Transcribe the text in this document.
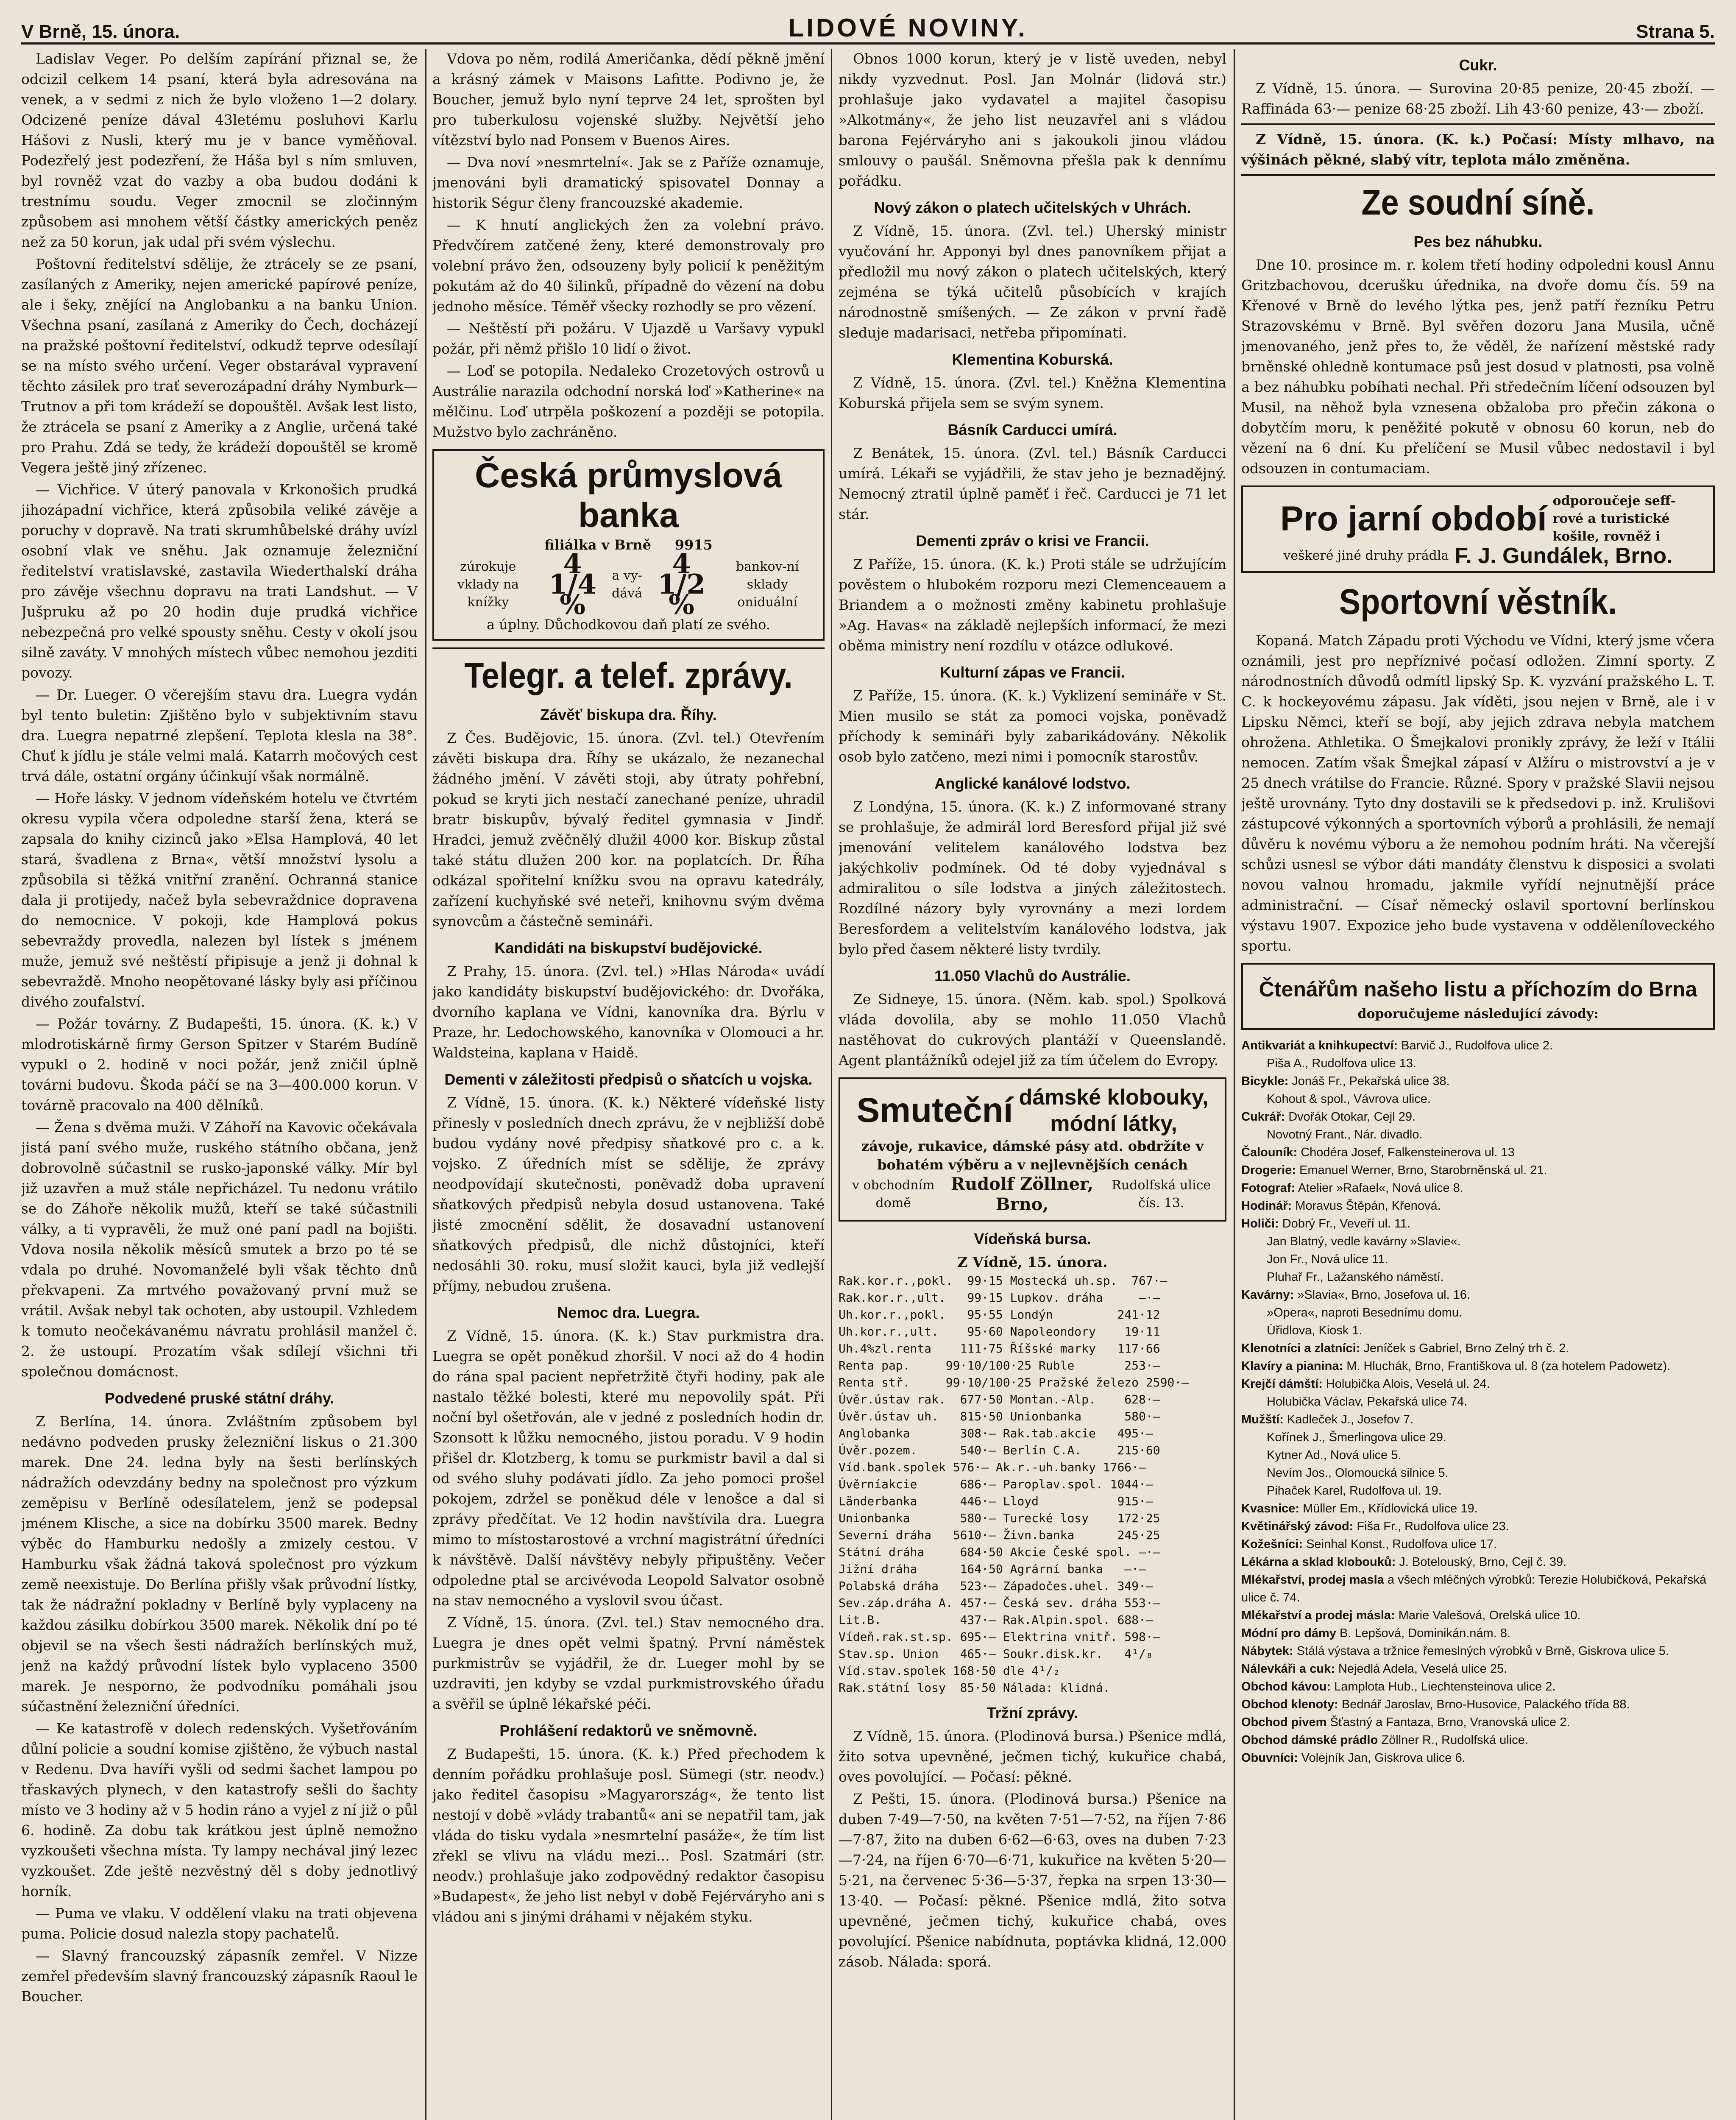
V Brně, 15. února.	LIDOVÉ NOVINY.	Strana 5.

Ladislav Veger. Po delším zapírání přiznal se, že odcizil celkem 14 psaní, která byla adresována na venek, a v sedmi z nich že bylo vloženo 1—2 dolary. Odcizené peníze dával 43letému posluhovi Karlu Hášovi z Nusli, který mu je v bance vyměňoval. Podezřelý jest podezření, že Háša byl s ním smluven, byl rovněž vzat do vazby a oba budou dodáni k trestnímu soudu. Veger zmocnil se zločinným způsobem asi mnohem větší částky amerických peněz než za 50 korun, jak udal při svém výslechu.

Poštovní ředitelství sdělije, že ztrácely se ze psaní, zasílaných z Ameriky, nejen americké papírové peníze, ale i šeky, znějící na Anglobanku a na banku Union. Všechna psaní, zasílaná z Ameriky do Čech, docházejí na pražské poštovní ředitelství, odkudž teprve odesílají se na místo svého určení. Veger obstarával vypravení těchto zásilek pro trať severozápadní dráhy Nymburk—Trutnov a při tom krádeží se dopouštěl. Avšak lest listo, že ztrácela se psaní z Ameriky a z Anglie, určená také pro Prahu. Zdá se tedy, že krádeží dopouštěl se kromě Vegera ještě jiný zřízenec.

— Vichřice. V úterý panovala v Krkonošich prudká jihozápadní vichřice, která způsobila veliké závěje a poruchy v dopravě. Na trati skrumhůbelské dráhy uvízl osobní vlak ve sněhu. Jak oznamuje železniční ředitelství vratislavské, zastavila Wiederthalskí dráha pro závěje všechnu dopravu na trati Landshut. — V Jušpruku až po 20 hodin duje prudká vichřice nebezpečná pro velké spousty sněhu. Cesty v okolí jsou silně zaváty. V mnohých místech vůbec nemohou jezditi povozy.

— Dr. Lueger. O včerejším stavu dra. Luegra vydán byl tento buletin: Zjištěno bylo v subjektivním stavu dra. Luegra nepatrné zlepšení. Teplota klesla na 38°. Chuť k jídlu je stále velmi malá. Katarrh močových cest trvá dále, ostatní orgány účinkují však normálně.

— Hoře lásky. V jednom vídeňském hotelu ve čtvrtém okresu vypila včera odpoledne starší žena, která se zapsala do knihy cizinců jako »Elsa Hamplová, 40 let stará, švadlena z Brna«, větší množství lysolu a způsobila si těžká vnitřní zranění. Ochranná stanice dala ji protijedy, načež byla sebevraždnice dopravena do nemocnice. V pokoji, kde Hamplová pokus sebevraždy provedla, nalezen byl lístek s jménem muže, jemuž své neštěstí připisuje a jenž ji dohnal k sebevraždě. Mnoho neopětované lásky byly asi příčinou divého zoufalství.

— Požár továrny. Z Budapešti, 15. února. (K. k.) V mlodrotiskárně firmy Gerson Spitzer v Starém Budíně vypukl o 2. hodině v noci požár, jenž zničil úplně továrni budovu. Škoda páčí se na 3—400.000 korun. V továrně pracovalo na 400 dělníků.

— Žena s dvěma muži. V Záhoří na Kavovic očekávala jistá paní svého muže, ruského státního občana, jenž dobrovolně súčastnil se rusko-japonské války. Mír byl již uzavřen a muž stále nepřicházel. Tu nedonu vrátilo se do Záhoře několik mužů, kteří se také súčastnili války, a ti vypravěli, že muž oné paní padl na bojišti. Vdova nosila několik měsíců smutek a brzo po té se vdala po druhé. Novomanželé byli však těchto dnů překvapeni. Za mrtvého považovaný první muž se vrátil. Avšak nebyl tak ochoten, aby ustoupil. Vzhledem k tomuto neočekávanému návratu prohlásil manžel č. 2. že ustoupí. Prozatím však sdílejí všichni tři společnou domácnost.

Podvedené pruské státní dráhy.

Z Berlína, 14. února. Zvláštním způsobem byl nedávno podveden prusky železniční liskus o 21.300 marek. Dne 24. ledna byly na šesti berlínských nádražích odevzdány bedny na společnost pro výzkum zeměpisu v Berlíně odesílatelem, jenž se podepsal jménem Klische, a sice na dobírku 3500 marek. Bedny výběc do Hamburku nedošly a zmizely cestou. V Hamburku však žádná taková společnost pro výzkum země neexistuje. Do Berlína přišly však průvodní lístky, tak že nádražní pokladny v Berlíně byly vyplaceny na každou zásilku dobírkou 3500 marek. Několik dní po té objevil se na všech šesti nádražích berlínských muž, jenž na každý průvodní lístek bylo vyplaceno 3500 marek. Je nesporno, že podvodníku pomáhali jsou súčastnění železniční úředníci.

— Ke katastrofě v dolech redenských. Vyšetřováním důlní policie a soudní komise zjištěno, že výbuch nastal v Redenu. Dva havíři vyšli od sedmi šachet lampou po třaskavých plynech, v den katastrofy sešli do šachty místo ve 3 hodiny až v 5 hodin ráno a vyjel z ní již o půl 6. hodině. Za dobu tak krátkou jest úplně nemožno vyzkoušeti všechna místa. Ty lampy nechával jiný lezec vyzkoušet. Zde ještě nezvěstný děl s doby jednotlivý horník.

— Puma ve vlaku. V oddělení vlaku na trati objevena puma. Policie dosud nalezla stopy pachatelů.

— Slavný francouzský zápasník zemřel. V Nizze zemřel především slavný francouzský zápasník Raoul le Boucher.

Vdova po něm, rodilá Američanka, dědí pěkně jmění a krásný zámek v Maisons Lafitte. Podivno je, že Boucher, jemuž bylo nyní teprve 24 let, sprošten byl pro tuberkulosu vojenské služby. Největší jeho vítězství bylo nad Ponsem v Buenos Aires.

— Dva noví »nesmrtelní«. Jak se z Paříže oznamuje, jmenováni byli dramatický spisovatel Donnay a historik Ségur členy francouzské akademie.

— K hnutí anglických žen za volební právo. Předvčírem zatčené ženy, které demonstrovaly pro volební právo žen, odsouzeny byly policií k peněžitým pokutám až do 40 šilinků, případně do vězení na dobu jednoho měsíce. Téměř všecky rozhodly se pro vězení.

— Neštěstí při požáru. V Ujazdě u Varšavy vypukl požár, při němž přišlo 10 lidí o život.

— Loď se potopila. Nedaleko Crozetových ostrovů u Austrálie narazila odchodní norská loď »Katherine« na mělčinu. Loď utrpěla poškození a později se potopila. Mužstvo bylo zachráněno.

Česká průmyslová banka
filiálka v Brně 9915
zúrokuje vklady na knížky
4 1/4 %
a vy-dává
4 1/2 %
bankov-ní sklady oniduální
a úplny. Důchodkovou daň platí ze svého.
Telegr. a telef. zprávy.
Závěť biskupa dra. Říhy.

Z Čes. Budějovic, 15. února. (Zvl. tel.) Otevřením závěti biskupa dra. Říhy se ukázalo, že nezanechal žádného jmění. V závěti stoji, aby útraty pohřební, pokud se kryti jich nestačí zanechané peníze, uhradil bratr biskupův, bývalý ředitel gymnasia v Jindř. Hradci, jemuž zvěčnělý dlužil 4000 kor. Biskup zůstal také státu dlužen 200 kor. na poplatcích. Dr. Říha odkázal spořitelní knížku svou na opravu katedrály, zařízení kuchyňské své neteři, knihovnu svým dvěma synovcům a částečně semináři.

Kandidáti na biskupství budějovické.

Z Prahy, 15. února. (Zvl. tel.) »Hlas Národa« uvádí jako kandidáty biskupství budějovického: dr. Dvořáka, dvorního kaplana ve Vídni, kanovníka dra. Býrlu v Praze, hr. Ledochowského, kanovníka v Olomouci a hr. Waldsteina, kaplana v Haidě.

Dementi v záležitosti předpisů o sňatcích u vojska.

Z Vídně, 15. února. (K. k.) Některé vídeňské listy přinesly v posledních dnech zprávu, že v nejbližší době budou vydány nové předpisy sňatkové pro c. a k. vojsko. Z úředních míst se sdělije, že zprávy neodpovídají skutečnosti, poněvadž doba upravení sňatkových předpisů nebyla dosud ustanovena. Také jisté zmocnění sdělit, že dosavadní ustanovení sňatkových předpisů, dle nichž důstojníci, kteří nedosáhli 30. roku, musí složit kauci, byla již vedlejší příjmy, nebudou zrušena.

Nemoc dra. Luegra.

Z Vídně, 15. února. (K. k.) Stav purkmistra dra. Luegra se opět poněkud zhoršil. V noci až do 4 hodin do rána spal pacient nepřetržitě čtyři hodiny, pak ale nastalo těžké bolesti, které mu nepovolily spát. Při noční byl ošetřován, ale v jedné z posledních hodin dr. Szonsott k lůžku nemocného, jistou poradu. V 9 hodin přišel dr. Klotzberg, k tomu se purkmistr bavil a dal si od svého sluhy podávati jídlo. Za jeho pomoci prošel pokojem, zdržel se poněkud déle v lenošce a dal si zprávy předčítat. Ve 12 hodin navštívila dra. Luegra mimo to místostarostové a vrchní magistrátní úředníci k návštěvě. Další návštěvy nebyly připuštěny. Večer odpoledne ptal se arcivévoda Leopold Salvator osobně na stav nemocného a vyslovil svou účast.

Z Vídně, 15. února. (Zvl. tel.) Stav nemocného dra. Luegra je dnes opět velmi špatný. První náměstek purkmistrův se vyjádřil, že dr. Lueger mohl by se uzdraviti, jen kdyby se vzdal purkmistrovského úřadu a svěřil se úplně lékařské péči.

Prohlášení redaktorů ve sněmovně.

Z Budapešti, 15. února. (K. k.) Před přechodem k denním pořádku prohlašuje posl. Sümegi (str. neodv.) jako ředitel časopisu »Magyarország«, že tento list nestojí v době »vlády trabantů« ani se nepatřil tam, jak vláda do tisku vydala »nesmrtelní pasáže«, že tím list zřekl se vlivu na vládu mezi... Posl. Szatmári (str. neodv.) prohlašuje jako zodpovědný redaktor časopisu »Budapest«, že jeho list nebyl v době Fejérváryho ani s vládou ani s jinými dráhami v nějakém styku.

Obnos 1000 korun, který je v listě uveden, nebyl nikdy vyzvednut. Posl. Jan Molnár (lidová str.) prohlašuje jako vydavatel a majitel časopisu »Alkotmány«, že jeho list neuzavřel ani s vládou barona Fejérváryho ani s jakoukoli jinou vládou smlouvy o paušál. Sněmovna přešla pak k dennímu pořádku.

Nový zákon o platech učitelských v Uhrách.

Z Vídně, 15. února. (Zvl. tel.) Uherský ministr vyučování hr. Apponyi byl dnes panovníkem přijat a předložil mu nový zákon o platech učitelských, který zejména se týká učitelů působících v krajích národnostně smíšených. — Ze zákon v první řadě sleduje madarisaci, netřeba připomínati.

Klementina Koburská.

Z Vídně, 15. února. (Zvl. tel.) Kněžna Klementina Koburská přijela sem se svým synem.

Básník Carducci umírá.

Z Benátek, 15. února. (Zvl. tel.) Básník Carducci umírá. Lékaři se vyjádřili, že stav jeho je beznadějný. Nemocný ztratil úplně paměť i řeč. Carducci je 71 let stár.

Dementi zpráv o krisi ve Francii.

Z Paříže, 15. února. (K. k.) Proti stále se udržujícím pověstem o hlubokém rozporu mezi Clemenceauem a Briandem a o možnosti změny kabinetu prohlašuje »Ag. Havas« na základě nejlepších informací, že mezi oběma ministry není rozdílu v otázce odlukové.

Kulturní zápas ve Francii.

Z Paříže, 15. února. (K. k.) Vyklizení semináře v St. Mien musilo se stát za pomoci vojska, poněvadž příchody k semináři byly zabarikádovány. Několik osob bylo zatčeno, mezi nimi i pomocník starostův.

Anglické kanálové lodstvo.

Z Londýna, 15. února. (K. k.) Z informované strany se prohlašuje, že admirál lord Beresford přijal již své jmenování velitelem kanálového lodstva bez jakýchkoliv podmínek. Od té doby vyjednával s admiralitou o síle lodstva a jiných záležitostech. Rozdílné názory byly vyrovnány a mezi lordem Beresfordem a velitelstvím kanálového lodstva, jak bylo před časem některé listy tvrdily.

11.050 Vlachů do Austrálie.

Ze Sidneye, 15. února. (Něm. kab. spol.) Spolková vláda dovolila, aby se mohlo 11.050 Vlachů nastěhovat do cukrových plantáží v Queenslandě. Agent plantážníků odejel již za tím účelem do Evropy.

Smuteční dámské klobouky,
módní látky,
závoje, rukavice, dámské pásy atd. obdržíte v bohatém výběru a v nejlevnějších cenách
v obchodním domě
Rudolf Zöllner, Brno,
Rudolfská ulice čís. 13.
Vídeňská bursa.
Z Vídně, 15. února.
Rak.kor.r.,pokl.  99·15 Mostecká uh.sp.  767·—
Rak.kor.r.,ult.   99·15 Lupkov. dráha     —·—
Uh.kor.r.,pokl.   95·55 Londýn         241·12
Uh.kor.r.,ult.    95·60 Napoleondory    19·11
Uh.4%zl.renta    111·75 Říšské marky   117·66
Renta pap.     99·10/100·25 Ruble       253·—
Renta stř.     99·10/100·25 Pražské železo 2590·—
Úvěr.ústav rak.  677·50 Montan.-Alp.    628·—
Úvěr.ústav uh.   815·50 Unionbanka      580·—
Anglobanka       308·— Rak.tab.akcie   495·—
Úvěr.pozem.      540·— Berlín C.A.     215·60
Víd.bank.spolek 576·— Ak.r.-uh.banky 1766·—
Úvěrníakcie      686·— Paroplav.spol. 1044·—
Länderbanka      446·— Lloyd           915·—
Unionbanka       580·— Turecké losy    172·25
Severní dráha   5610·— Živn.banka      245·25
Státní dráha     684·50 Akcie České spol. —·—
Jižní dráha      164·50 Agrární banka   —·—
Polabská dráha   523·— Západočes.uhel. 349·—
Sev.záp.dráha A. 457·— Česká sev. dráha 553·—
Lit.B.           437·— Rak.Alpin.spol. 688·—
Vídeň.rak.st.sp. 695·— Elektrina vnitř. 598·—
Stav.sp. Union   465·— Soukr.disk.kr.   4¹/₈
Víd.stav.spolek 168·50 dle 4¹/₂
Rak.státní losy  85·50 Nálada: klidná.
Tržní zprávy.

Z Vídně, 15. února. (Plodinová bursa.) Pšenice mdlá, žito sotva upevněné, ječmen tichý, kukuřice chabá, oves povolující. — Počasí: pěkné.

Z Pešti, 15. února. (Plodinová bursa.) Pšenice na duben 7·49—7·50, na květen 7·51—7·52, na říjen 7·86—7·87, žito na duben 6·62—6·63, oves na duben 7·23—7·24, na říjen 6·70—6·71, kukuřice na květen 5·20—5·21, na červenec 5·36—5·37, řepka na srpen 13·30—13·40. — Počasí: pěkné. Pšenice mdlá, žito sotva upevněné, ječmen tichý, kukuřice chabá, oves povolující. Pšenice nabídnuta, poptávka klidná, 12.000 zásob. Nálada: sporá.

Cukr.

Z Vídně, 15. února. — Surovina 20·85 penize, 20·45 zboží. — Raffináda 63·— penize 68·25 zboží. Lih 43·60 penize, 43·— zboží.

Z Vídně, 15. února. (K. k.) Počasí: Místy mlhavo, na výšinách pěkné, slabý vítr, teplota málo změněna.

Ze soudní síně.
Pes bez náhubku.

Dne 10. prosince m. r. kolem třetí hodiny odpoledni kousl Annu Gritzbachovou, dcerušku úřednika, na dvoře domu čís. 59 na Křenové v Brně do levého lýtka pes, jenž patří řezníku Petru Strazovskému v Brně. Byl svěřen dozoru Jana Musila, učně jmenovaného, jenž přes to, že věděl, že nařízení městské rady brněnské ohledně kontumace psů jest dosud v platnosti, psa volně a bez náhubku pobíhati nechal. Při středečním líčení odsouzen byl Musil, na něhož byla vznesena obžaloba pro přečin zákona o dobytčím moru, k peněžité pokutě v obnosu 60 korun, neb do vězení na 6 dní. Ku přelíčení se Musil vůbec nedostavil i byl odsouzen in contumaciam.

Pro jarní období odporoučeje seff-
rové a turistické
košile, rovněž i
veškeré jiné druhy prádla F. J. Gundálek, Brno.
Sportovní věstník.

Kopaná. Match Západu proti Východu ve Vídni, který jsme včera oznámili, jest pro nepříznivé počasí odložen. Zimní sporty. Z národnostních důvodů odmítl lipský Sp. K. vyzvání pražského L. T. C. k hockeyovému zápasu. Jak víděti, jsou nejen v Brně, ale i v Lipsku Němci, kteří se bojí, aby jejich zdrava nebyla matchem ohrožena. Athletika. O Šmejkalovi pronikly zprávy, že leží v Itálii nemocen. Zatím však Šmejkal zápasí v Alžíru o mistrovství a je v 25 dnech vrátilse do Francie. Různé. Spory v pražské Slavii nejsou ještě urovnány. Tyto dny dostavili se k předsedovi p. inž. Krulišovi zástupcové výkonných a sportovních výborů a prohlásili, že nemají důvěru k novému výboru a že nemohou podním hráti. Na včerejší schůzi usnesl se výbor dáti mandáty členstvu k disposici a svolati novou valnou hromadu, jakmile vyřídí nejnutnější práce administrační. — Císař německý oslavil sportovní berlínskou výstavu 1907. Expozice jeho bude vystavena v odděleníloveckého sportu.

Čtenářům našeho listu a příchozím do Brna
doporučujeme následující závody:
Antikvariát a knihkupectví: Barvič J., Rudolfova ulice 2.
Piša A., Rudolfova ulice 13.
Bicykle: Jonáš Fr., Pekařská ulice 38.
Kohout & spol., Vávrova ulice.
Cukrář: Dvořák Otokar, Cejl 29.
Novotný Frant., Nár. divadlo.
Čalouník: Chodéra Josef, Falkensteinerova ul. 13
Drogerie: Emanuel Werner, Brno, Starobrněnská ul. 21.
Fotograf: Atelier »Rafael«, Nová ulice 8.
Hodinář: Moravus Štěpán, Křenová.
Holiči: Dobrý Fr., Veveří ul. 11.
Jan Blatný, vedle kavárny »Slavie«.
Jon Fr., Nová ulice 11.
Pluhař Fr., Lažanského náměstí.
Kavárny: »Slavia«, Brno, Josefova ul. 16.
»Opera«, naproti Besednímu domu.
Úřidlova, Kiosk 1.
Klenotníci a zlatníci: Jeníček s Gabriel, Brno Zelný trh č. 2.
Klavíry a pianina: M. Hluchák, Brno, Františkova ul. 8 (za hotelem Padowetz).
Krejčí dámští: Holubička Alois, Veselá ul. 24.
Holubička Václav, Pekařská ulice 74.
Mužští: Kadleček J., Josefov 7.
Kořínek J., Šmerlingova ulice 29.
Kytner Ad., Nová ulice 5.
Nevím Jos., Olomoucká silnice 5.
Pihaček Karel, Rudolfova ul. 19.
Kvasnice: Müller Em., Křídlovická ulice 19.
Květinářský závod: Fiša Fr., Rudolfova ulice 23.
Kožešníci: Seinhal Konst., Rudolfova ulice 17.
Lékárna a sklad klobouků: J. Botelouský, Brno, Cejl č. 39.
Mlékařství, prodej masla a všech mléčných výrobků: Terezie Holubičková, Pekařská ulice č. 74.
Mlékařství a prodej másla: Marie Valešová, Orelská ulice 10.
Módní pro dámy B. Lepšová, Dominikán.nám. 8.
Nábytek: Stálá výstava a tržnice řemeslných výrobků v Brně, Giskrova ulice 5.
Nálevkáři a cuk: Nejedlá Adela, Veselá ulice 25.
Obchod kávou: Lamplota Hub., Liechtensteinova ulice 2.
Obchod klenoty: Bednář Jaroslav, Brno-Husovice, Palackého třída 88.
Obchod pivem Šťastný a Fantaza, Brno, Vranovská ulice 2.
Obchod dámské prádlo Zöllner R., Rudolfská ulice.
Obuvníci: Volejník Jan, Giskrova ulice 6.
